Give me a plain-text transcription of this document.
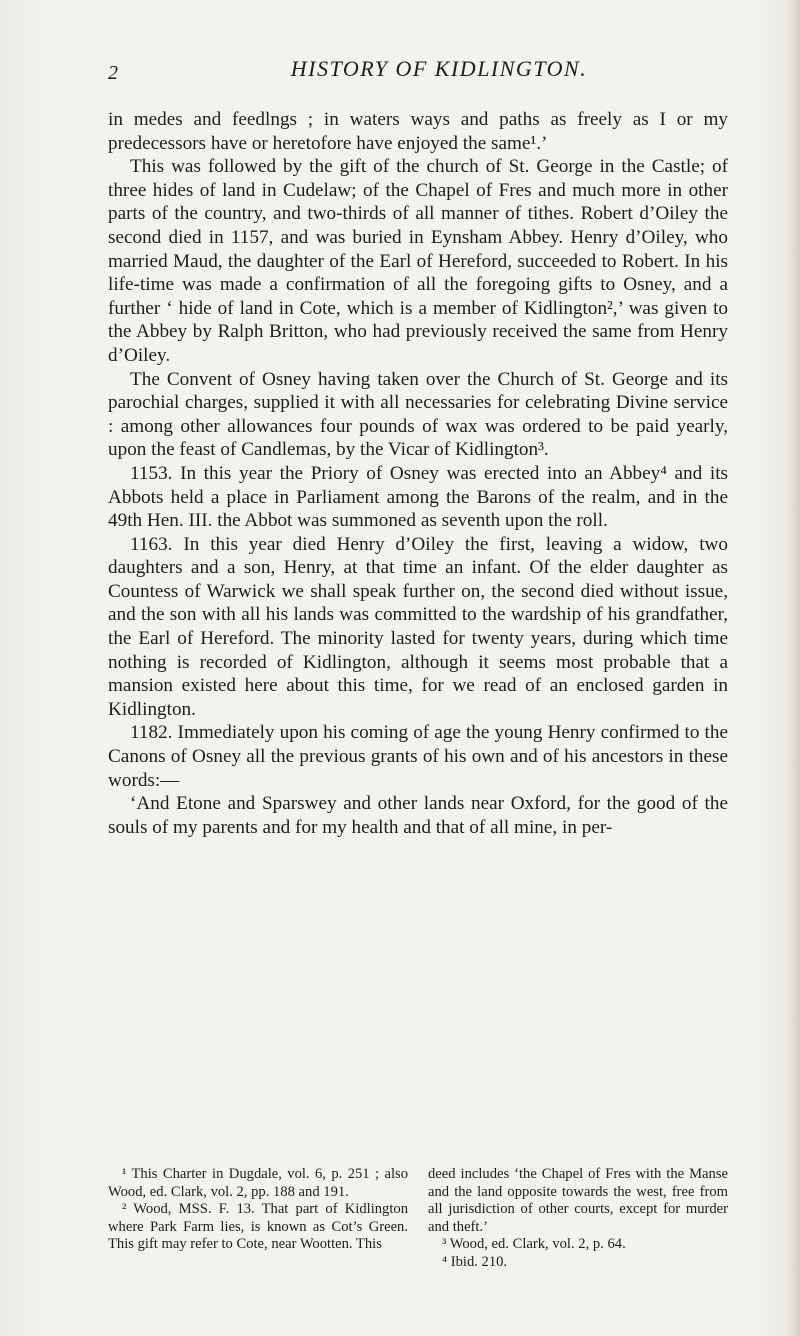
2	HISTORY OF KIDLINGTON.

in medes and feedlngs ; in waters ways and paths as freely as I or my predecessors have or heretofore have enjoyed the same¹.’

This was followed by the gift of the church of St. George in the Castle; of three hides of land in Cudelaw; of the Chapel of Fres and much more in other parts of the country, and two-thirds of all manner of tithes. Robert d’Oiley the second died in 1157, and was buried in Eynsham Abbey. Henry d’Oiley, who married Maud, the daughter of the Earl of Hereford, succeeded to Robert. In his life-time was made a confirmation of all the foregoing gifts to Osney, and a further ‘ hide of land in Cote, which is a member of Kidlington²,’ was given to the Abbey by Ralph Britton, who had previously received the same from Henry d’Oiley.

The Convent of Osney having taken over the Church of St. George and its parochial charges, supplied it with all necessaries for celebrating Divine service : among other allowances four pounds of wax was ordered to be paid yearly, upon the feast of Candlemas, by the Vicar of Kidlington³.

1153. In this year the Priory of Osney was erected into an Abbey⁴ and its Abbots held a place in Parliament among the Barons of the realm, and in the 49th Hen. III. the Abbot was summoned as seventh upon the roll.

1163. In this year died Henry d’Oiley the first, leaving a widow, two daughters and a son, Henry, at that time an infant. Of the elder daughter as Countess of Warwick we shall speak further on, the second died without issue, and the son with all his lands was committed to the wardship of his grandfather, the Earl of Hereford. The minority lasted for twenty years, during which time nothing is recorded of Kidlington, although it seems most probable that a mansion existed here about this time, for we read of an enclosed garden in Kidlington.

1182. Immediately upon his coming of age the young Henry confirmed to the Canons of Osney all the previous grants of his own and of his ancestors in these words:—

‘And Etone and Sparswey and other lands near Oxford, for the good of the souls of my parents and for my health and that of all mine, in per-

¹ This Charter in Dugdale, vol. 6, p. 251 ; also Wood, ed. Clark, vol. 2, pp. 188 and 191.

² Wood, MSS. F. 13. That part of Kidlington where Park Farm lies, is known as Cot’s Green. This gift may refer to Cote, near Wootten. This

deed includes ‘the Chapel of Fres with the Manse and the land opposite towards the west, free from all jurisdiction of other courts, except for murder and theft.’

³ Wood, ed. Clark, vol. 2, p. 64.

⁴ Ibid. 210.
